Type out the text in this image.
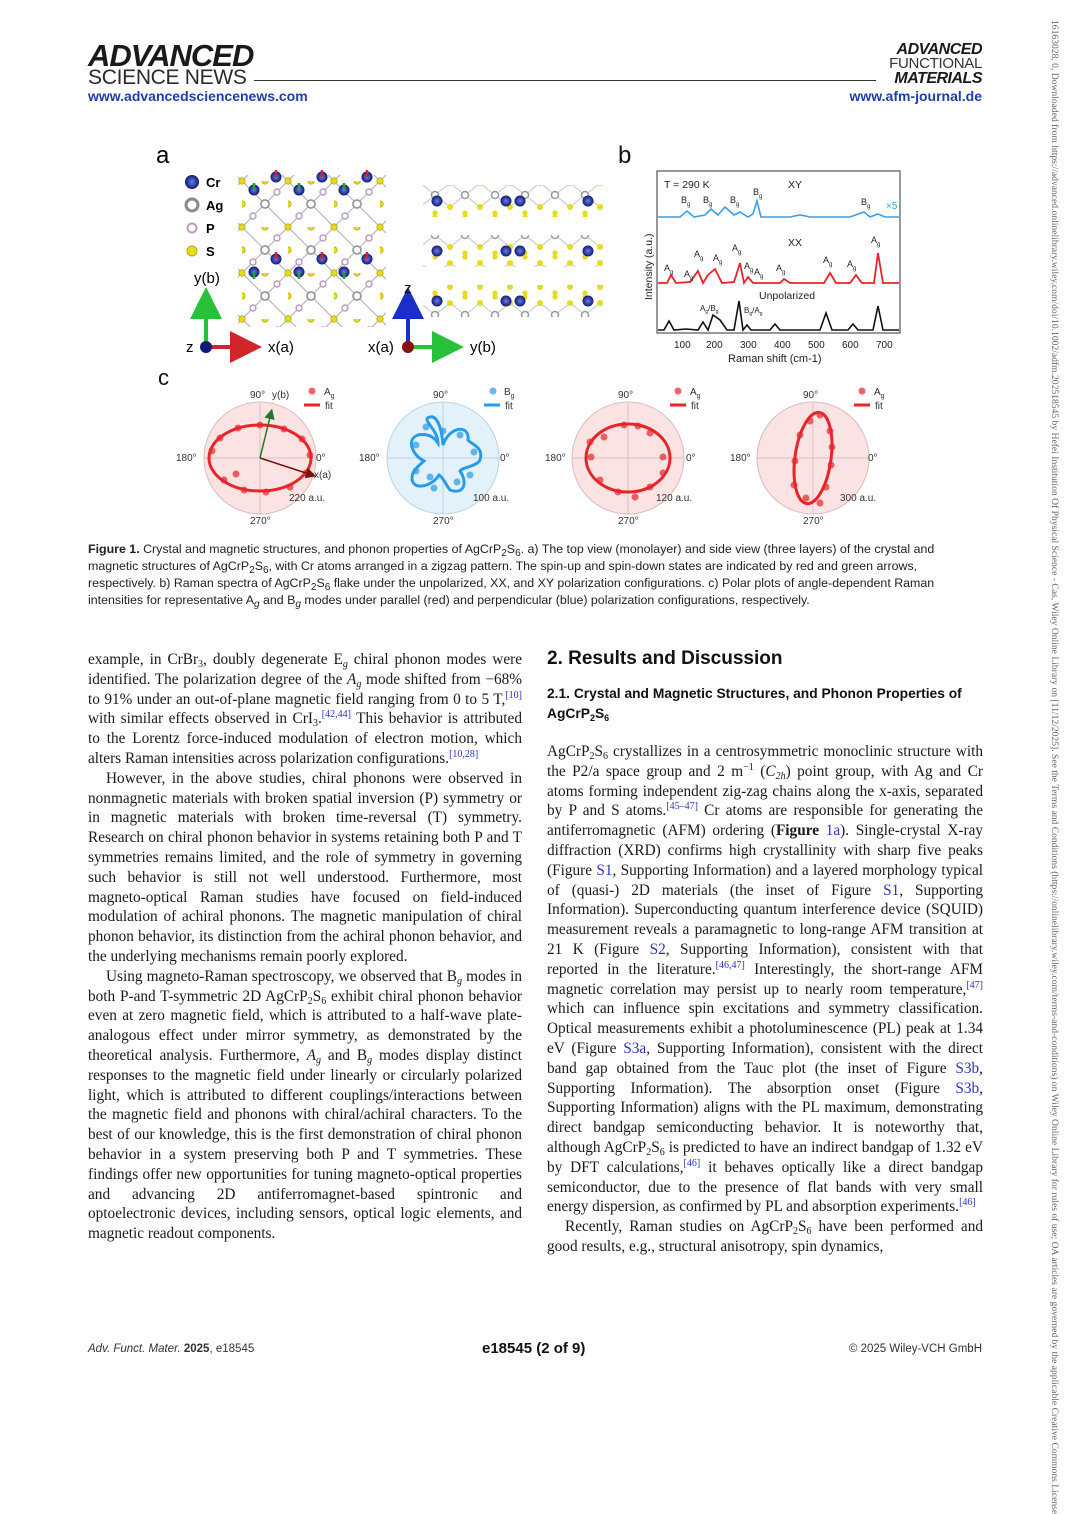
ADVANCED
SCIENCE NEWS
ADVANCED
FUNCTIONAL
MATERIALS
www.advancedsciencenews.com	www.afm-journal.de	16163028, 0, Downloaded from https://advanced.onlinelibrary.wiley.com/doi/10.1002/adfm.202518545 by Hefei Institution Of Physical Science - Cas, Wiley Online Library on [11/12/2025]. See the Terms and Conditions (https://onlinelibrary.wiley.com/terms-and-conditions) on Wiley Online Library for rules of use; OA articles are governed by the applicable Creative Commons License
a
Cr
Ag
P
S
y(b)
z	x(a)
z
x(a)	y(b)
b
T = 290 K	XY
×5
$B_g$ $B_g$ $B_g$
$B_g$	$B_g$
XX
$A_g$ $A_g$
$A_g$ $A_g$
$A_g$
$A_g$ $A_g$
$A_g$
$A_g$ $A_g$
$A_g$
Unpolarized
$A_g/B_g$	$B_g/A_g$
100 200 300 400 500 600 700
Raman shift (cm-1)
Intensity (a.u.)
c
90° y(b)
180°	0°
x(a)
220 a.u.
270°
$A_g$
fit
90°
180°	0°
100 a.u.
270°
$B_g$
fit
90°
180°	0°
120 a.u.
270°
$A_g$
fit
90°
180°	0°
300 a.u.
270°
$A_g$
fit
Figure 1. Crystal and magnetic structures, and phonon properties of $AgCrP_2S_6$. a) The top view (monolayer) and side view (three layers) of the crystal and magnetic structures of $AgCrP_2S_6$, with Cr atoms arranged in a zigzag pattern. The spin-up and spin-down states are indicated by red and green arrows, respectively. b) Raman spectra of $AgCrP_2S_6$ flake under the unpolarized, XX, and XY polarization configurations. c) Polar plots of angle-dependent Raman intensities for representative $A_g$ and $B_g$ modes under parallel (red) and perpendicular (blue) polarization configurations, respectively.

example, in CrBr$_3$, doubly degenerate $E_g$ chiral phonon modes were identified. The polarization degree of the $A_g$ mode shifted from −68% to 91% under an out-of-plane magnetic field ranging from 0 to 5 T,[10] with similar effects observed in CrI$_3$.[42,44] This behavior is attributed to the Lorentz force-induced modulation of electron motion, which alters Raman intensities across polarization configurations.[10,28]

However, in the above studies, chiral phonons were observed in nonmagnetic materials with broken spatial inversion (P) symmetry or in magnetic materials with broken time-reversal (T) symmetry. Research on chiral phonon behavior in systems retaining both P and T symmetries remains limited, and the role of symmetry in governing such behavior is still not well understood. Furthermore, most magneto-optical Raman studies have focused on field-induced modulation of achiral phonons. The magnetic manipulation of chiral phonon behavior, its distinction from the achiral phonon behavior, and the underlying mechanisms remain poorly explored.

Using magneto-Raman spectroscopy, we observed that $B_g$ modes in both P-and T-symmetric 2D $AgCrP_2S_6$ exhibit chiral phonon behavior even at zero magnetic field, which is attributed to a half-wave plate-analogous effect under mirror symmetry, as demonstrated by the theoretical analysis. Furthermore, $A_g$ and $B_g$ modes display distinct responses to the magnetic field under linearly or circularly polarized light, which is attributed to different couplings/interactions between the magnetic field and phonons with chiral/achiral characters. To the best of our knowledge, this is the first demonstration of chiral phonon behavior in a system preserving both P and T symmetries. These findings offer new opportunities for tuning magneto-optical properties and advancing 2D antiferromagnet-based spintronic and optoelectronic devices, including sensors, optical logic elements, and magnetic readout components.

2. Results and Discussion
2.1. Crystal and Magnetic Structures, and Phonon Properties of $AgCrP_2S_6$

$AgCrP_2S_6$ crystallizes in a centrosymmetric monoclinic structure with the P2/a space group and 2 $m^{-1}$ $(C_{2h})$ point group, with Ag and Cr atoms forming independent zig-zag chains along the x-axis, separated by P and S atoms.[45–47] Cr atoms are responsible for generating the antiferromagnetic (AFM) ordering (Figure 1a). Single-crystal X-ray diffraction (XRD) confirms high crystallinity with sharp five peaks (Figure S1, Supporting Information) and a layered morphology typical of (quasi-) 2D materials (the inset of Figure S1, Supporting Information). Superconducting quantum interference device (SQUID) measurement reveals a paramagnetic to long-range AFM transition at 21 K (Figure S2, Supporting Information), consistent with that reported in the literature.[46,47] Interestingly, the short-range AFM magnetic correlation may persist up to nearly room temperature,[47] which can influence spin excitations and symmetry classification. Optical measurements exhibit a photoluminescence (PL) peak at 1.34 eV (Figure S3a, Supporting Information), consistent with the direct band gap obtained from the Tauc plot (the inset of Figure S3b, Supporting Information). The absorption onset (Figure S3b, Supporting Information) aligns with the PL maximum, demonstrating direct bandgap semiconducting behavior. It is noteworthy that, although $AgCrP_2S_6$ is predicted to have an indirect bandgap of 1.32 eV by DFT calculations,[46] it behaves optically like a direct bandgap semiconductor, due to the presence of flat bands with very small energy dispersion, as confirmed by PL and absorption experiments.[46]

Recently, Raman studies on $AgCrP_2S_6$ have been performed and good results, e.g., structural anisotropy, spin dynamics,

Adv. Funct. Mater. 2025, e18545	e18545 (2 of 9)	© 2025 Wiley-VCH GmbH
